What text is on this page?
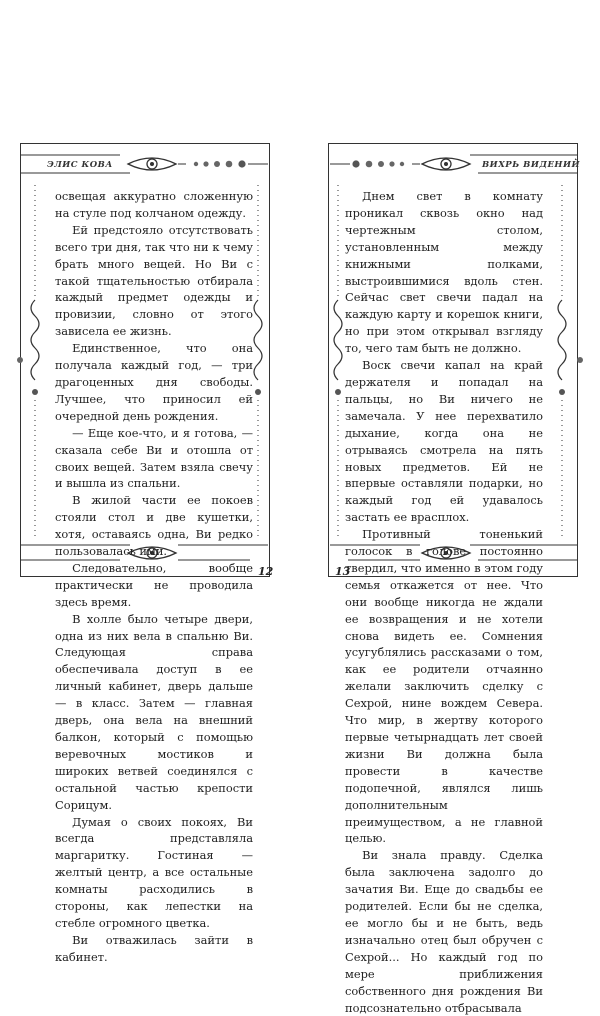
ЭЛИС КОВА

освещая аккуратно сложенную на стуле под колчаном одежду.

Ей предстояло отсутствовать всего три дня, так что ни к чему брать много вещей. Но Ви с такой тщательностью отбирала каждый предмет одежды и провизии, словно от этого зависела ее жизнь.

Единственное, что она получала каждый год, — три драгоценных дня свободы. Лучшее, что приносил ей очередной день рождения.

— Еще кое-что, и я готова, — сказала себе Ви и отошла от своих вещей. Затем взяла свечу и вышла из спальни.

В жилой части ее покоев стояли стол и две кушетки, хотя, оставаясь одна, Ви редко пользовалась ими.

Следовательно, вообще практически не проводила здесь время.

В холле было четыре двери, одна из них вела в спальню Ви. Следующая справа обеспечивала доступ в ее личный кабинет, дверь дальше — в класс. Затем — главная дверь, она вела на внешний балкон, который с помощью веревочных мостиков и широких ветвей соединялся с остальной частью крепости Сорицум.

Думая о своих покоях, Ви всегда представляла маргаритку. Гостиная — желтый центр, а все остальные комнаты расходились в стороны, как лепестки на стебле огромного цветка.

Ви отважилась зайти в кабинет.

12
ВИХРЬ ВИДЕНИЙ

Днем свет в комнату проникал сквозь окно над чертежным столом, установленным между книжными полками, выстроившимися вдоль стен. Сейчас свет свечи падал на каждую карту и корешок книги, но при этом открывал взгляду то, чего там быть не должно.

Воск свечи капал на край держателя и попадал на пальцы, но Ви ничего не замечала. У нее перехватило дыхание, когда она не отрываясь смотрела на пять новых предметов. Ей не впервые оставляли подарки, но каждый год ей удавалось застать ее врасплох.

Противный тоненький голосок в голове постоянно твердил, что именно в этом году семья откажется от нее. Что они вообще никогда не ждали ее возвращения и не хотели снова видеть ее. Сомнения усугублялись рассказами о том, как ее родители отчаянно желали заключить сделку с Сехрой, нине вождем Севера. Что мир, в жертву которого первые четырнадцать лет своей жизни Ви должна была провести в качестве подопечной, являлся лишь дополнительным преимуществом, а не главной целью.

Ви знала правду. Сделка была заключена задолго до зачатия Ви. Еще до свадьбы ее родителей. Если бы не сделка, ее могло бы и не быть, ведь изначально отец был обручен с Сехрой... Но каждый год по мере приближения собственного дня рождения Ви подсознательно отбрасывала

13
